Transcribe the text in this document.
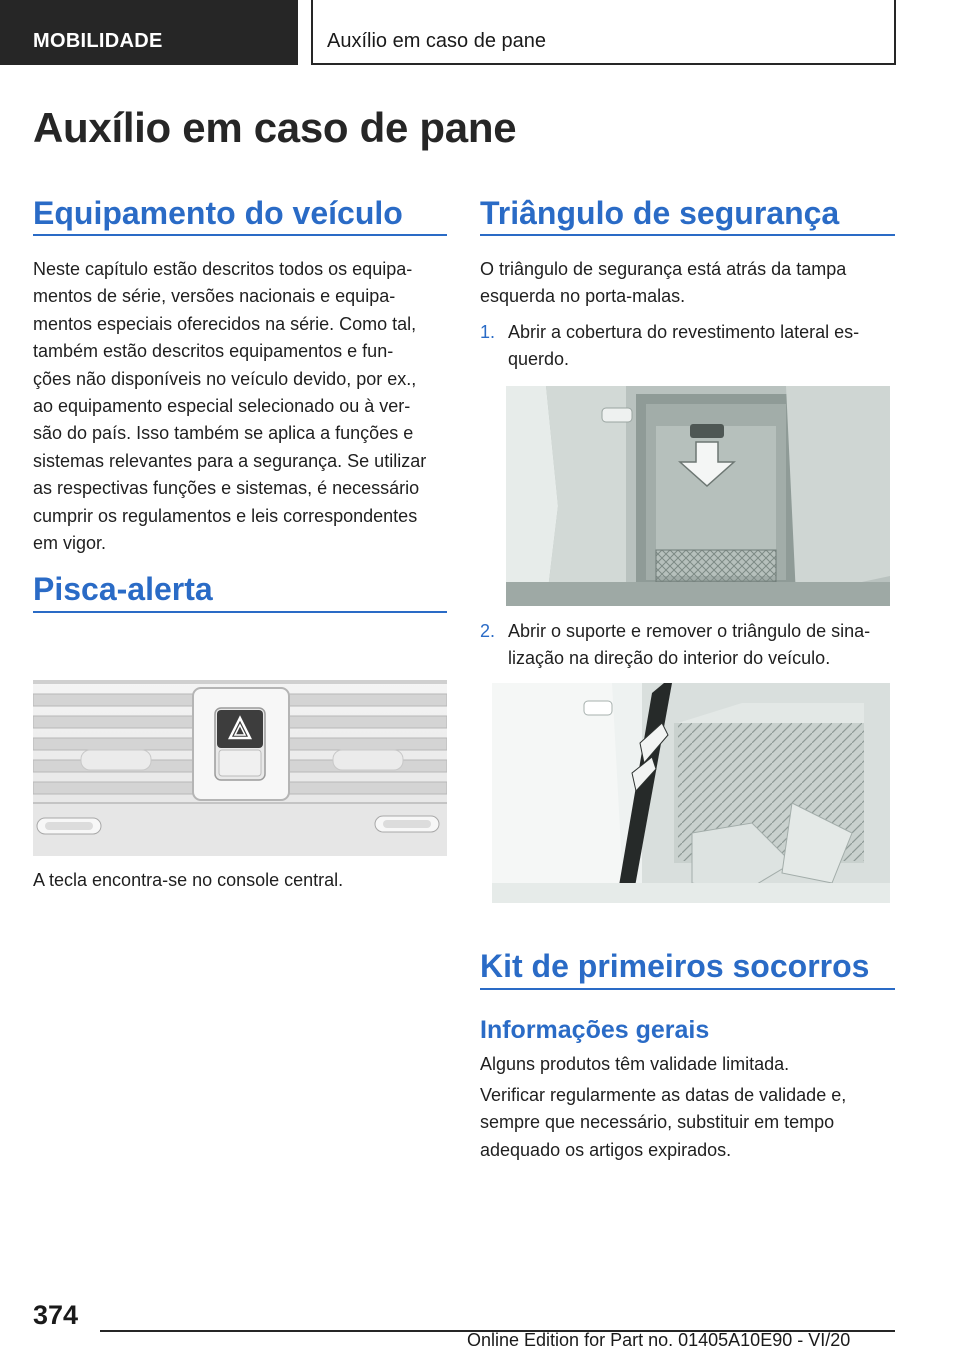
MOBILIDADE	Auxílio em caso de pane
Auxílio em caso de pane
Equipamento do veículo
Neste capítulo estão descritos todos os equipa‐
mentos de série, versões nacionais e equipa‐
mentos especiais oferecidos na série. Como tal,
também estão descritos equipamentos e fun‐
ções não disponíveis no veículo devido, por ex.,
ao equipamento especial selecionado ou à ver‐
são do país. Isso também se aplica a funções e
sistemas relevantes para a segurança. Se utilizar
as respectivas funções e sistemas, é necessário
cumprir os regulamentos e leis correspondentes
em vigor.
Pisca-alerta
A tecla encontra-se no console central.
Triângulo de segurança
O triângulo de segurança está atrás da tampa
esquerda no porta-malas.
1. Abrir a cobertura do revestimento lateral es‐
querdo.
2. Abrir o suporte e remover o triângulo de sina‐
lização na direção do interior do veículo.
Kit de primeiros socorros
Informações gerais
Alguns produtos têm validade limitada.
Verificar regularmente as datas de validade e,
sempre que necessário, substituir em tempo
adequado os artigos expirados.
374
Online Edition for Part no. 01405A10E90 - VI/20
